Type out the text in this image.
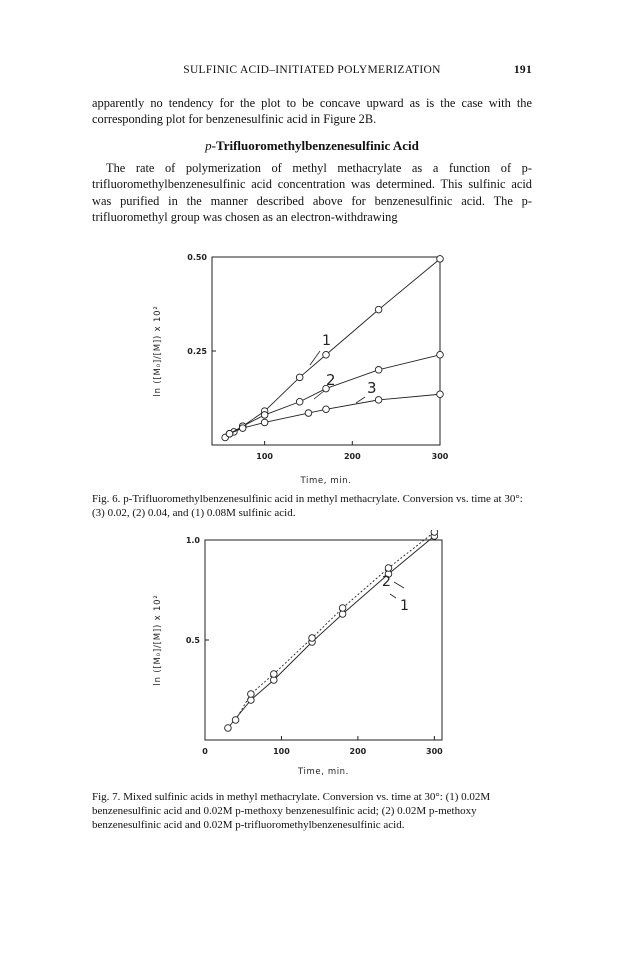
SULFINIC ACID–INITIATED POLYMERIZATION	191
apparently no tendency for the plot to be concave upward as is the case with the corresponding plot for benzenesulfinic acid in Figure 2B.
p-Trifluoromethylbenzenesulfinic Acid
The rate of polymerization of methyl methacrylate as a function of p-trifluoromethylbenzenesulfinic acid concentration was determined. This sulfinic acid was purified in the manner described above for benzenesulfinic acid. The p-trifluoromethyl group was chosen as an electron-withdrawing
100	200	300
0.50
0.25
Time, min.
ln ([M₀]/[M]) x 10²	1
2 3
Fig. 6. p-Trifluoromethylbenzenesulfinic acid in methyl methacrylate. Conversion vs. time at 30°: (3) 0.02, (2) 0.04, and (1) 0.08M sulfinic acid.
0	100	200	300
1.0
0.5
Time, min.
ln ([M₀]/[M]) x 10²	1
2
Fig. 7. Mixed sulfinic acids in methyl methacrylate. Conversion vs. time at 30°: (1) 0.02M benzenesulfinic acid and 0.02M p-methoxy benzenesulfinic acid; (2) 0.02M p-methoxy benzenesulfinic acid and 0.02M p-trifluoromethylbenzenesulfinic acid.
